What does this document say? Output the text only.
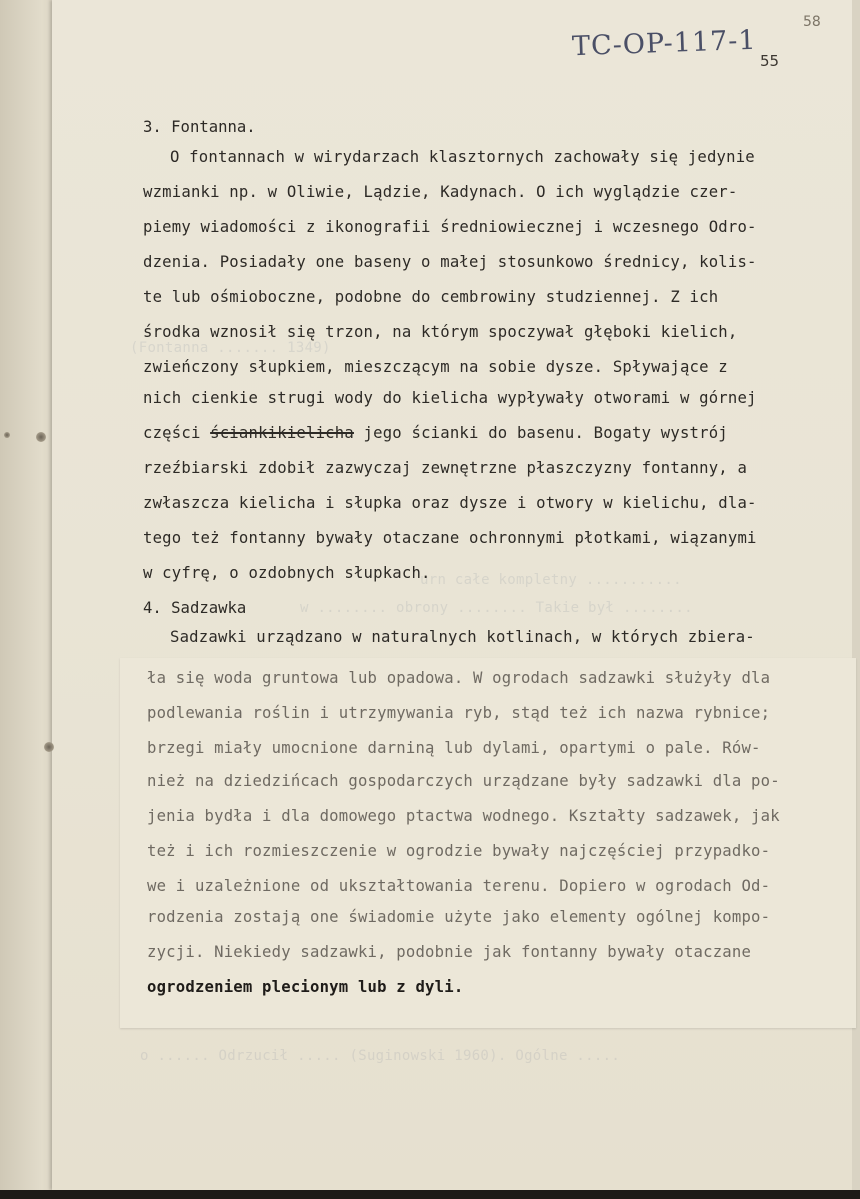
(Fontanna ....... 1349)
urn całe kompletny ...........
w ........ obrony ........ Takie był ........
o ...... Odrzucił ..... (Suginowski 1960). Ogólne .....
58
TC-OP-117-1 55
3. Fontanna.
O fontannach w wirydarzach klasztornych zachowały się jedynie
wzmianki np. w Oliwie, Lądzie, Kadynach. O ich wyglądzie czer-
piemy wiadomości z ikonografii średniowiecznej i wczesnego Odro-
dzenia. Posiadały one baseny o małej stosunkowo średnicy, kolis-
te lub ośmioboczne, podobne do cembrowiny studziennej. Z ich
środka wznosił się trzon, na którym spoczywał głęboki kielich,
zwieńczony słupkiem, mieszczącym na sobie dysze. Spływające z
nich cienkie strugi wody do kielicha wypływały otworami w górnej
części ściankikielicha jego ścianki do basenu. Bogaty wystrój
rzeźbiarski zdobił zazwyczaj zewnętrzne płaszczyzny fontanny, a
zwłaszcza kielicha i słupka oraz dysze i otwory w kielichu, dla-
tego też fontanny bywały otaczane ochronnymi płotkami, wiązanymi
w cyfrę, o ozdobnych słupkach.
4. Sadzawka
Sadzawki urządzano w naturalnych kotlinach, w których zbiera-
ła się woda gruntowa lub opadowa. W ogrodach sadzawki służyły dla
podlewania roślin i utrzymywania ryb, stąd też ich nazwa rybnice;
brzegi miały umocnione darniną lub dylami, opartymi o pale. Rów-
nież na dziedzińcach gospodarczych urządzane były sadzawki dla po-
jenia bydła i dla domowego ptactwa wodnego. Kształty sadzawek, jak
też i ich rozmieszczenie w ogrodzie bywały najczęściej przypadko-
we i uzależnione od ukształtowania terenu. Dopiero w ogrodach Od-
rodzenia zostają one świadomie użyte jako elementy ogólnej kompo-
zycji. Niekiedy sadzawki, podobnie jak fontanny bywały otaczane
ogrodzeniem plecionym lub z dyli.
